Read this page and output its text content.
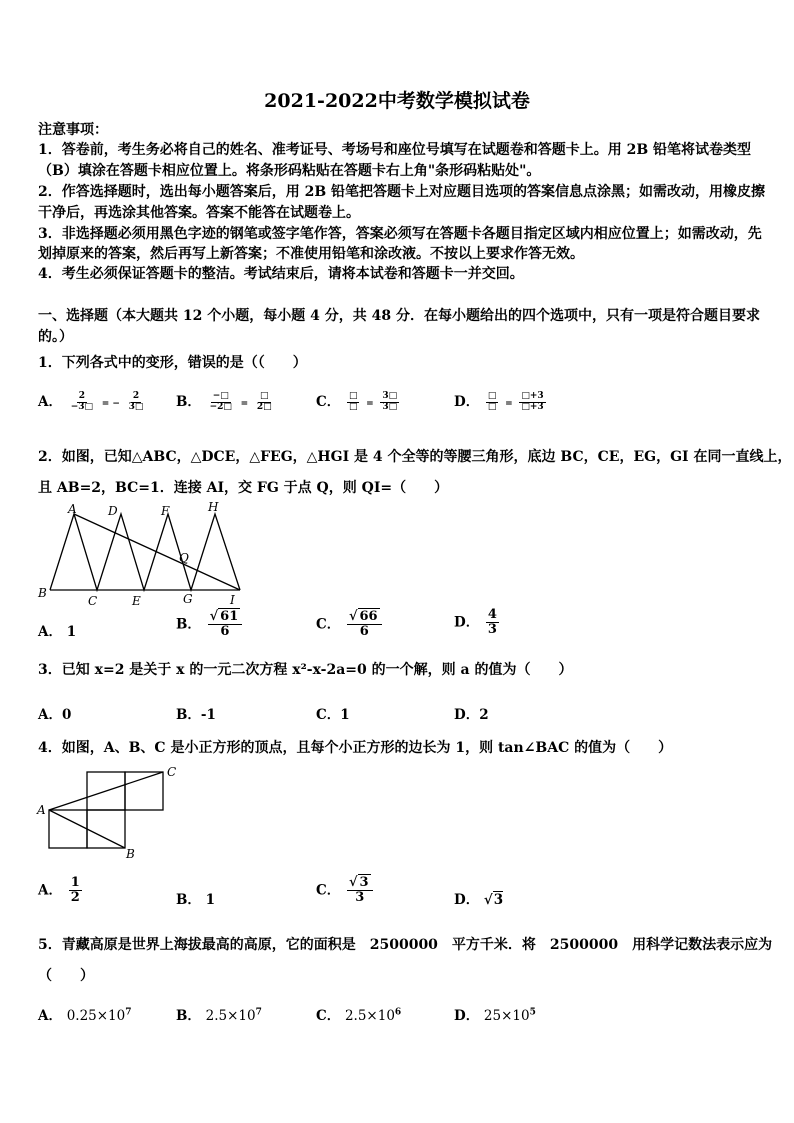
2021-2022中考数学模拟试卷
注意事项：
1．答卷前，考生务必将自己的姓名、准考证号、考场号和座位号填写在试题卷和答题卡上。用 2B 铅笔将试卷类型
（B）填涂在答题卡相应位置上。将条形码粘贴在答题卡右上角"条形码粘贴处"。
2．作答选择题时，选出每小题答案后，用 2B 铅笔把答题卡上对应题目选项的答案信息点涂黑；如需改动，用橡皮擦
干净后，再选涂其他答案。答案不能答在试题卷上。
3．非选择题必须用黑色字迹的钢笔或签字笔作答，答案必须写在答题卡各题目指定区域内相应位置上；如需改动，先
划掉原来的答案，然后再写上新答案；不准使用铅笔和涂改液。不按以上要求作答无效。
4．考生必须保证答题卡的整洁。考试结束后，请将本试卷和答题卡一并交回。
一、选择题（本大题共 12 个小题，每小题 4 分，共 48 分．在每小题给出的四个选项中，只有一项是符合题目要求
的。）
1．下列各式中的变形，错误的是（（　　）
A． $\frac{2}{-3□}$ = − $\frac{2}{3□}$ B． $\frac{-□}{-2□} = \frac{□}{2□}$	C． $\frac{□}{□} = \frac{3□}{3□}$	D． $\frac{□}{□} = \frac{□+3}{□+3}$
2．如图，已知△ABC，△DCE，△FEG，△HGI 是 4 个全等的等腰三角形，底边 BC，CE，EG，GI 在同一直线上，
且 AB=2，BC=1．连接 AI，交 FG 于点 Q，则 QI=（　　）
A	D	F	H
Q
B
C	E	G	I
A． 1	B． $\frac{√ 61}{6}$	C． $\frac{√ 66}{6}$	D． $\frac{4}{3}$
3．已知 x=2 是关于 x 的一元二次方程 x²-x-2a=0 的一个解，则 a 的值为（　　）
A．0	B．-1	C．1	D．2
4．如图，A、B、C 是小正方形的顶点，且每个小正方形的边长为 1，则 tan∠BAC 的值为（　　）
C
A
B
A． $\frac{1}{2}$	B． 1
C． $\frac{√ 3}{3}$	D． √3
5．青藏高原是世界上海拔最高的高原，它的面积是　2500000　平方千米．将　2500000　用科学记数法表示应为
（　　）
A． $0.25\times 10^7$	B． $2.5\times 10^7$	C． $2.5\times 10^6$	D． $25\times 10^5$
